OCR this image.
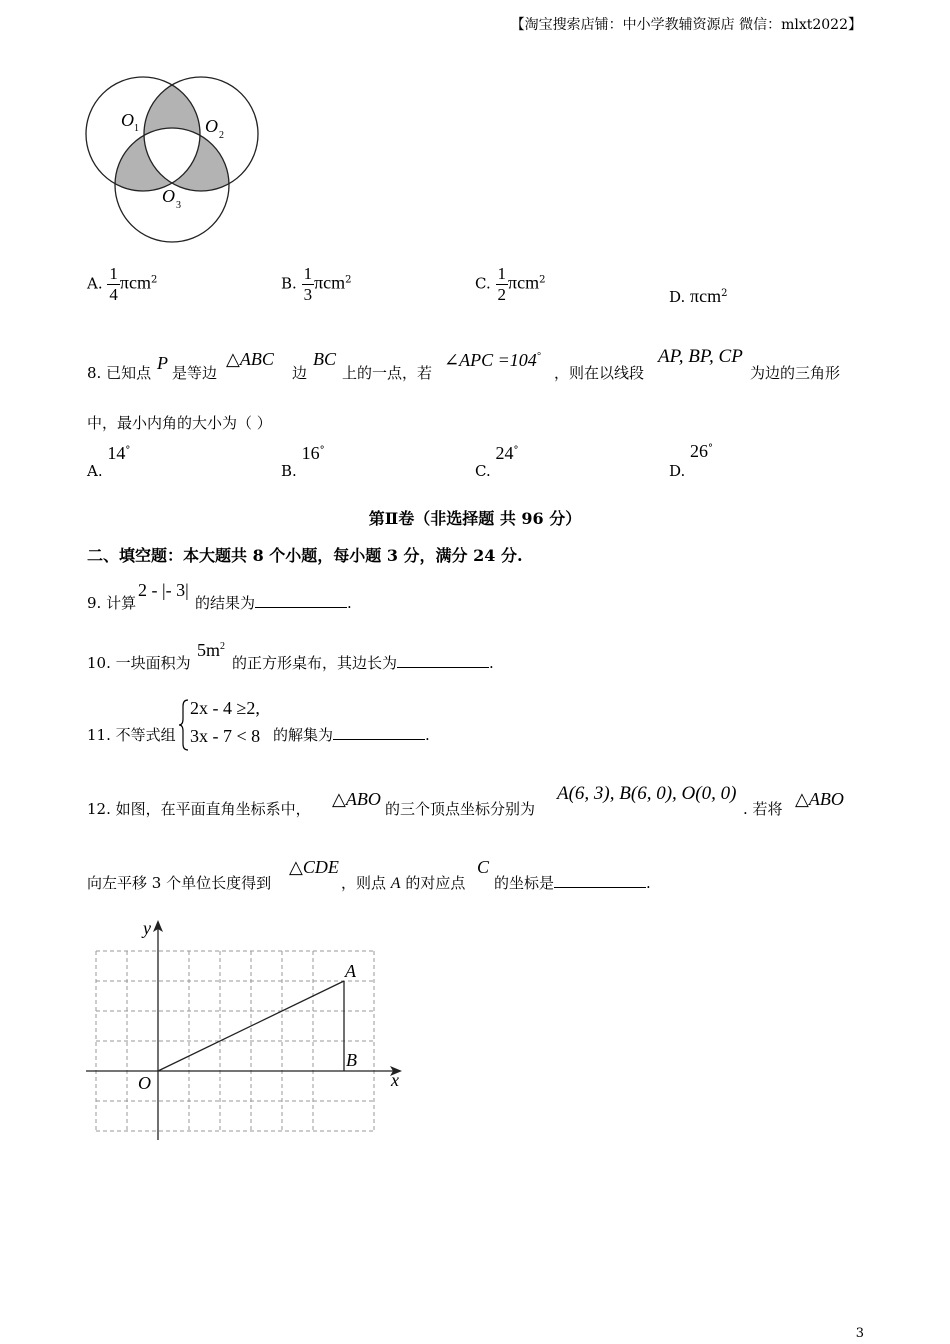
【淘宝搜索店铺：中小学教辅资源店 微信：mlxt2022】
O 1	O 2
O 3
A. $\frac{1}{4} \pi cm^2$	B. $\frac{1}{3} \pi cm^2$	C. $\frac{1}{2} \pi cm^2$
D. πcm$^2$
8. 已知点 P 是等边
△ABC
边
BC
上的一点，若
∠APC =104°
，则在以线段
AP, BP, CP
为边的三角形
中，最小内角的大小为（ ）
A. 14°
B. 16°
C. 24°
D. 26°
第Ⅱ卷（非选择题 共 96 分）
二、填空题：本大题共 8 个小题，每小题 3 分，满分 24 分.
9. 计算
2 - |- 3|
的结果为	.
10. 一块面积为
$5m^2$
的正方形桌布，其边长为	.
11. 不等式组
2x - 4 ≥2,
3x - 7 < 8 的解集为	.
12. 如图，在平面直角坐标系中， △ABO 的三个顶点坐标分别为
A(6, 3), B(6, 0), O(0, 0)
. 若将 △ABO
向左平移 3 个单位长度得到
△CDE
，则点 A 的对应点
C
的坐标是	.
y
x
O
A
B
3
